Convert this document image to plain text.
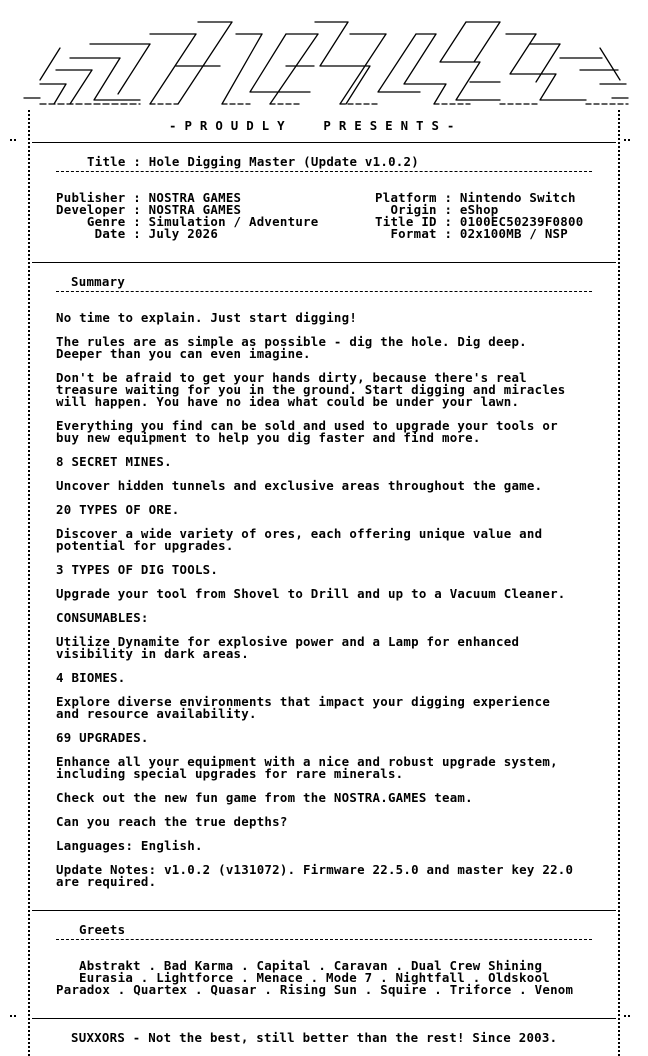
- P R O U D L Y     P R E S E N T S -
Title : Hole Digging Master (Update v1.0.2)
Publisher : NOSTRA GAMES
Developer : NOSTRA GAMES
Genre : Simulation / Adventure
Date : July 2026
Platform : Nintendo Switch
Origin : eShop
Title ID : 0100EC50239F0800
Format : 02x100MB / NSP
Summary
No time to explain. Just start digging!
The rules are as simple as possible - dig the hole. Dig deep.
Deeper than you can even imagine.
Don't be afraid to get your hands dirty, because there's real
treasure waiting for you in the ground. Start digging and miracles
will happen. You have no idea what could be under your lawn.
Everything you find can be sold and used to upgrade your tools or
buy new equipment to help you dig faster and find more.
8 SECRET MINES.
Uncover hidden tunnels and exclusive areas throughout the game.
20 TYPES OF ORE.
Discover a wide variety of ores, each offering unique value and
potential for upgrades.
3 TYPES OF DIG TOOLS.
Upgrade your tool from Shovel to Drill and up to a Vacuum Cleaner.
CONSUMABLES:
Utilize Dynamite for explosive power and a Lamp for enhanced
visibility in dark areas.
4 BIOMES.
Explore diverse environments that impact your digging experience
and resource availability.
69 UPGRADES.
Enhance all your equipment with a nice and robust upgrade system,
including special upgrades for rare minerals.
Check out the new fun game from the NOSTRA.GAMES team.
Can you reach the true depths?
Languages: English.
Update Notes: v1.0.2 (v131072). Firmware 22.5.0 and master key 22.0
are required.
Greets
Abstrakt . Bad Karma . Capital . Caravan . Dual Crew Shining
Eurasia . Lightforce . Menace . Mode 7 . Nightfall . Oldskool
Paradox . Quartex . Quasar . Rising Sun . Squire . Triforce . Venom
SUXXORS - Not the best, still better than the rest! Since 2003.
